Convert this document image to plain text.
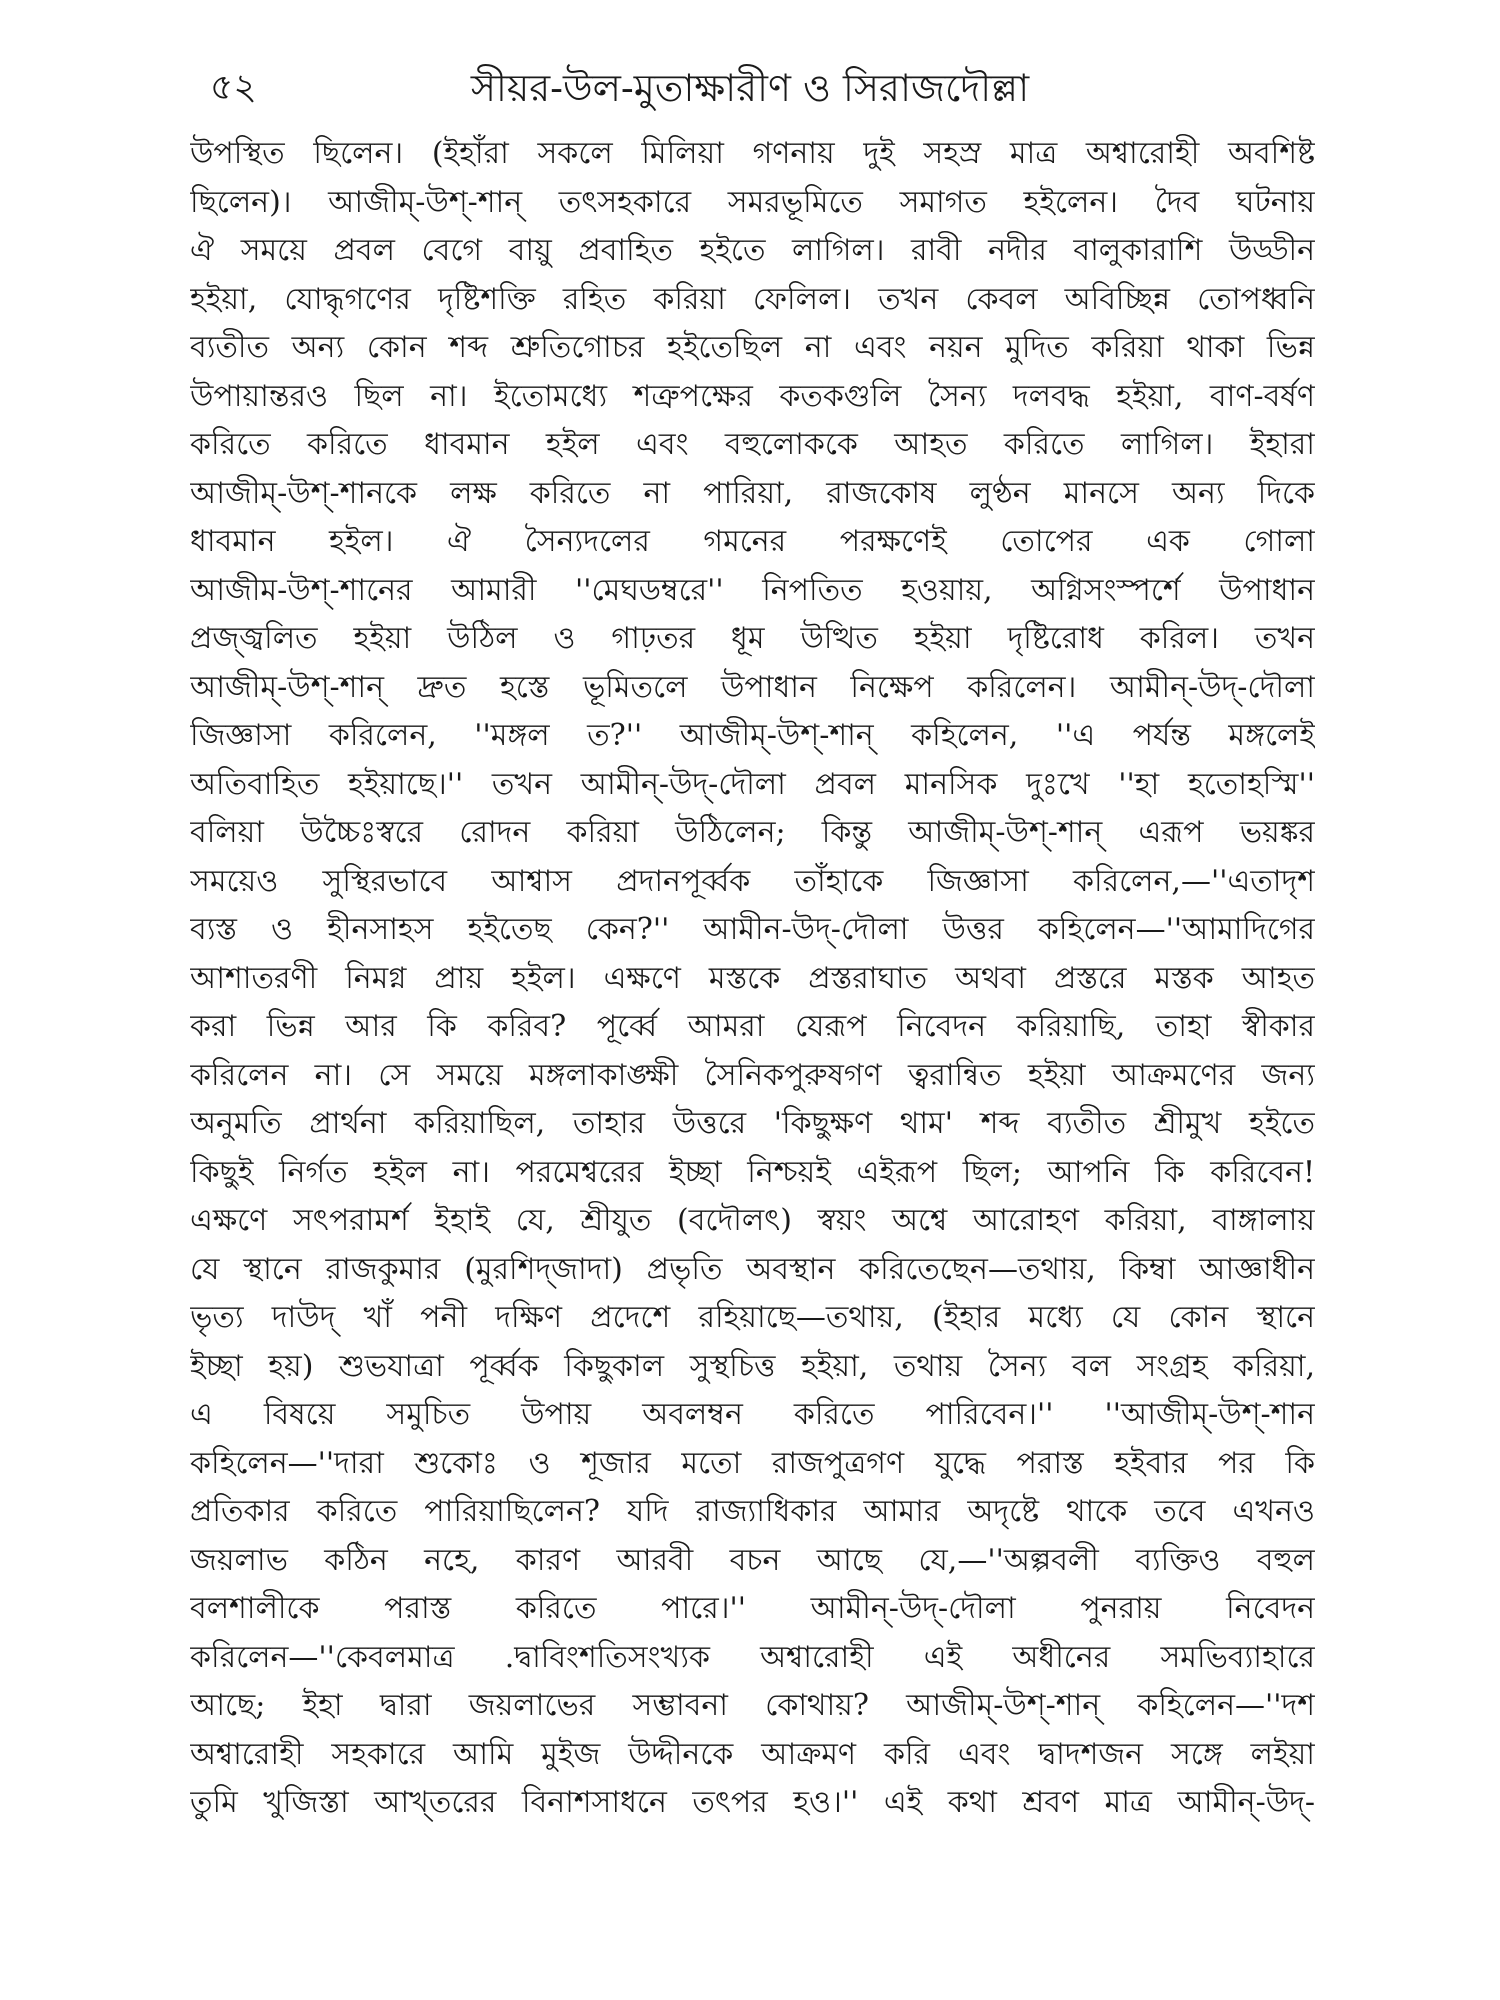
৫২	সীয়র-উল-মুতাক্ষারীণ ও সিরাজদৌল্লা
উপস্থিত ছিলেন। (ইহাঁরা সকলে মিলিয়া গণনায় দুই সহস্র মাত্র অশ্বারোহী অবশিষ্ট
ছিলেন)। আজীম্-উশ্-শান্ তৎসহকারে সমরভূমিতে সমাগত হইলেন। দৈব ঘটনায়
ঐ সময়ে প্রবল বেগে বায়ু প্রবাহিত হইতে লাগিল। রাবী নদীর বালুকারাশি উড্ডীন
হইয়া, যোদ্ধৃগণের দৃষ্টিশক্তি রহিত করিয়া ফেলিল। তখন কেবল অবিচ্ছিন্ন তোপধ্বনি
ব্যতীত অন্য কোন শব্দ শ্রুতিগোচর হইতেছিল না এবং নয়ন মুদিত করিয়া থাকা ভিন্ন
উপায়ান্তরও ছিল না। ইতোমধ্যে শত্রুপক্ষের কতকগুলি সৈন্য দলবদ্ধ হইয়া, বাণ-বর্ষণ
করিতে করিতে ধাবমান হইল এবং বহুলোককে আহত করিতে লাগিল। ইহারা
আজীম্-উশ্-শানকে লক্ষ করিতে না পারিয়া, রাজকোষ লুণ্ঠন মানসে অন্য দিকে
ধাবমান হইল। ঐ সৈন্যদলের গমনের পরক্ষণেই তোপের এক গোলা
আজীম-উশ্-শানের আমারী ''মেঘডম্বরে'' নিপতিত হওয়ায়, অগ্নিসংস্পর্শে উপাধান
প্রজ্জ্বলিত হইয়া উঠিল ও গাঢ়তর ধূম উত্থিত হইয়া দৃষ্টিরোধ করিল। তখন
আজীম্-উশ্-শান্ দ্রুত হস্তে ভূমিতলে উপাধান নিক্ষেপ করিলেন। আমীন্-উদ্-দৌলা
জিজ্ঞাসা করিলেন, ''মঙ্গল ত?'' আজীম্-উশ্-শান্ কহিলেন, ''এ পর্যন্ত মঙ্গলেই
অতিবাহিত হইয়াছে।'' তখন আমীন্-উদ্-দৌলা প্রবল মানসিক দুঃখে ''হা হতোহস্মি''
বলিয়া উচ্চৈঃস্বরে রোদন করিয়া উঠিলেন; কিন্তু আজীম্-উশ্-শান্ এরূপ ভয়ঙ্কর
সময়েও সুস্থিরভাবে আশ্বাস প্রদানপূর্ব্বক তাঁহাকে জিজ্ঞাসা করিলেন,—''এতাদৃশ
ব্যস্ত ও হীনসাহস হইতেছ কেন?'' আমীন-উদ্-দৌলা উত্তর কহিলেন—''আমাদিগের
আশাতরণী নিমগ্ন প্রায় হইল। এক্ষণে মস্তকে প্রস্তরাঘাত অথবা প্রস্তরে মস্তক আহত
করা ভিন্ন আর কি করিব? পূর্ব্বে আমরা যেরূপ নিবেদন করিয়াছি, তাহা স্বীকার
করিলেন না। সে সময়ে মঙ্গলাকাঙ্ক্ষী সৈনিকপুরুষগণ ত্বরান্বিত হইয়া আক্রমণের জন্য
অনুমতি প্রার্থনা করিয়াছিল, তাহার উত্তরে 'কিছুক্ষণ থাম' শব্দ ব্যতীত শ্রীমুখ হইতে
কিছুই নির্গত হইল না। পরমেশ্বরের ইচ্ছা নিশ্চয়ই এইরূপ ছিল; আপনি কি করিবেন!
এক্ষণে সৎপরামর্শ ইহাই যে, শ্রীযুত (বদৌলৎ) স্বয়ং অশ্বে আরোহণ করিয়া, বাঙ্গালায়
যে স্থানে রাজকুমার (মুরশিদ্জাদা) প্রভৃতি অবস্থান করিতেছেন—তথায়, কিম্বা আজ্ঞাধীন
ভৃত্য দাউদ্ খাঁ পনী দক্ষিণ প্রদেশে রহিয়াছে—তথায়, (ইহার মধ্যে যে কোন স্থানে
ইচ্ছা হয়) শুভযাত্রা পূর্ব্বক কিছুকাল সুস্থচিত্ত হইয়া, তথায় সৈন্য বল সংগ্রহ করিয়া,
এ বিষয়ে সমুচিত উপায় অবলম্বন করিতে পারিবেন।'' ''আজীম্-উশ্-শান
কহিলেন—''দারা শুকোঃ ও শূজার মতো রাজপুত্রগণ যুদ্ধে পরাস্ত হইবার পর কি
প্রতিকার করিতে পারিয়াছিলেন? যদি রাজ্যাধিকার আমার অদৃষ্টে থাকে তবে এখনও
জয়লাভ কঠিন নহে, কারণ আরবী বচন আছে যে,—''অল্পবলী ব্যক্তিও বহুল
বলশালীকে পরাস্ত করিতে পারে।'' আমীন্-উদ্-দৌলা পুনরায় নিবেদন
করিলেন—''কেবলমাত্র .দ্বাবিংশতিসংখ্যক অশ্বারোহী এই অধীনের সমভিব্যাহারে
আছে; ইহা দ্বারা জয়লাভের সম্ভাবনা কোথায়? আজীম্-উশ্-শান্ কহিলেন—''দশ
অশ্বারোহী সহকারে আমি মুইজ উদ্দীনকে আক্রমণ করি এবং দ্বাদশজন সঙ্গে লইয়া
তুমি খুজিস্তা আখ্তরের বিনাশসাধনে তৎপর হও।'' এই কথা শ্রবণ মাত্র আমীন্-উদ্-
